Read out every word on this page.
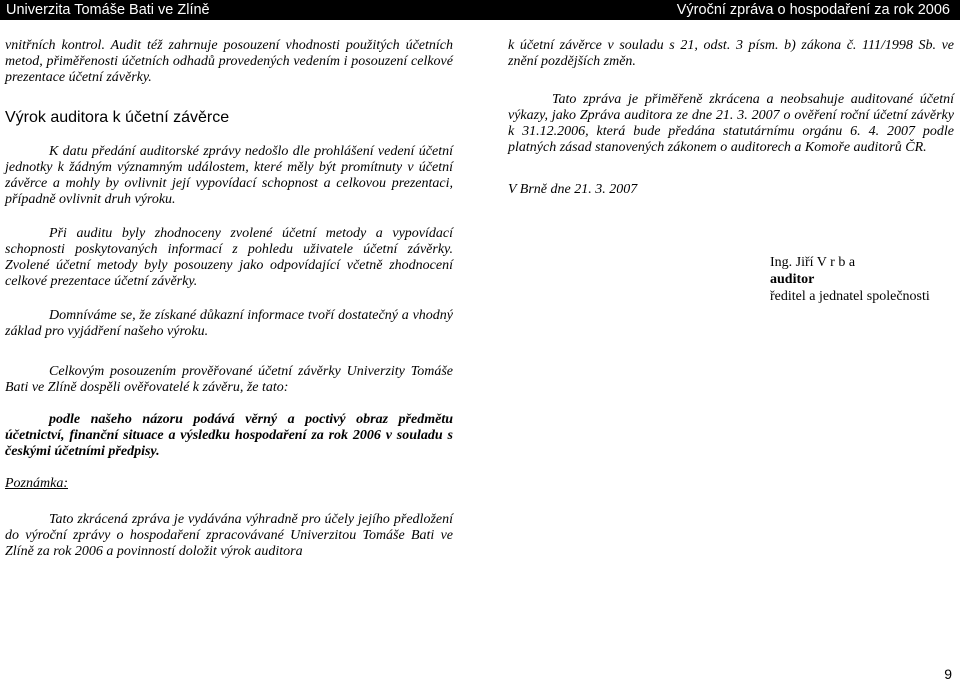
Univerzita Tomáše Bati ve Zlíně	Výroční zpráva o hospodaření za rok 2006

vnitřních kontrol. Audit též zahrnuje posouzení vhodnosti použitých účetních metod, přiměřenosti účetních odhadů provedených vedením i posouzení celkové prezentace účetní závěrky.

Výrok auditora k účetní závěrce

K datu předání auditorské zprávy nedošlo dle prohlášení vedení účetní jednotky k žádným významným událostem, které měly být promítnuty v účetní závěrce a mohly by ovlivnit její vypovídací schopnost a celkovou prezentaci, případně ovlivnit druh výroku.

Při auditu byly zhodnoceny zvolené účetní metody a vypovídací schopnosti poskytovaných informací z pohledu uživatele účetní závěrky. Zvolené účetní metody byly posouzeny jako odpovídající včetně zhodnocení celkové prezentace účetní závěrky.

Domníváme se, že získané důkazní informace tvoří dostatečný a vhodný základ pro vyjádření našeho výroku.

Celkovým posouzením prověřované účetní závěrky Univerzity Tomáše Bati ve Zlíně dospěli ověřovatelé k závěru, že tato:

podle našeho názoru podává věrný a poctivý obraz předmětu účetnictví, finanční situace a výsledku hospodaření za rok 2006 v souladu s českými účetními předpisy.

Poznámka:

Tato zkrácená zpráva je vydávána výhradně pro účely jejího předložení do výroční zprávy o hospodaření zpracovávané Univerzitou Tomáše Bati ve Zlíně za rok 2006 a povinností doložit výrok auditora

k účetní závěrce v souladu s 21, odst. 3 písm. b) zákona č. 111/1998 Sb. ve znění pozdějších změn.

Tato zpráva je přiměřeně zkrácena a neobsahuje auditované účetní výkazy, jako Zpráva auditora ze dne 21. 3. 2007 o ověření roční účetní závěrky k 31.12.2006, která bude předána statutárnímu orgánu 6. 4. 2007 podle platných zásad stanovených zákonem o auditorech a Komoře auditorů ČR.

V Brně dne 21. 3. 2007

Ing. Jiří V r b a
auditor
ředitel a jednatel společnosti
9
